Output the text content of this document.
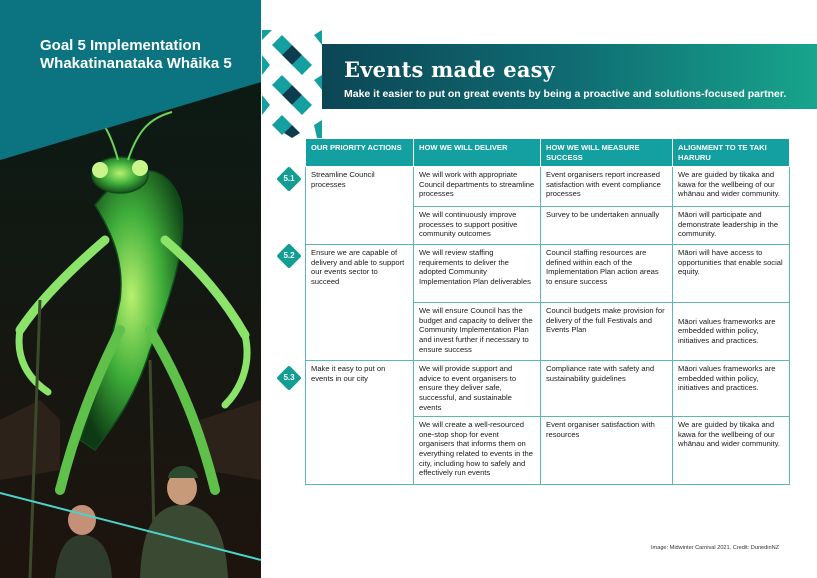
Goal 5 Implementation
Whakatinanataka Whāika 5	Events made easy
Make it easier to put on great events by being a proactive and solutions-focused partner.
OUR PRIORITY ACTIONS	HOW WE WILL DELIVER	HOW WE WILL MEASURE SUCCESS	ALIGNMENT TO TE TAKI HARURU
Streamline Council processes	We will work with appropriate Council departments to streamline processes	Event organisers report increased satisfaction with event compliance processes	We are guided by tikaka and kawa for the wellbeing of our whānau and wider community.
	We will continuously improve processes to support positive community outcomes	Survey to be undertaken annually	Māori will participate and demonstrate leadership in the community.
Ensure we are capable of delivery and able to support our events sector to succeed	We will review staffing requirements to deliver the adopted Community Implementation Plan deliverables	Council staffing resources are defined within each of the Implementation Plan action areas to ensure success	Māori will have access to opportunities that enable social equity.
	We will ensure Council has the budget and capacity to deliver the Community Implementation Plan and invest further if necessary to ensure success	Council budgets make provision for delivery of the full Festivals and Events Plan	Māori values frameworks are embedded within policy, initiatives and practices.
Make it easy to put on events in our city	We will provide support and advice to event organisers to ensure they deliver safe, successful, and sustainable events	Compliance rate with safety and sustainability guidelines	Māori values frameworks are embedded within policy, initiatives and practices.
	We will create a well-resourced one-stop shop for event organisers that informs them on everything related to events in the city, including how to safely and effectively run events	Event organiser satisfaction with resources	We are guided by tikaka and kawa for the wellbeing of our whānau and wider community.
5.1
5.2
5.3
Image: Midwinter Carnival 2021. Credit: DunedinNZ
